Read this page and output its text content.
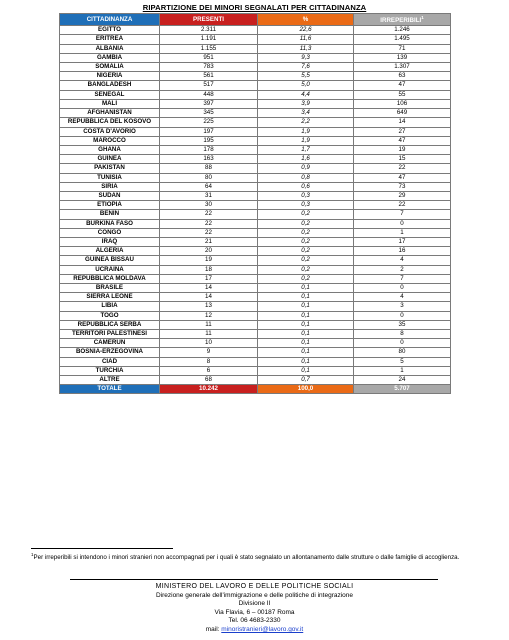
RIPARTIZIONE DEI MINORI SEGNALATI PER CITTADINANZA
CITTADINANZA	PRESENTI	%	IRREPERIBILI$^1$
EGITTO	2.311	22,6	1.246
ERITREA	1.191	11,6	1.495
ALBANIA	1.155	11,3	71
GAMBIA	951	9,3	139
SOMALIA	783	7,6	1.307
NIGERIA	561	5,5	63
BANGLADESH	517	5,0	47
SENEGAL	448	4,4	55
MALI	397	3,9	106
AFGHANISTAN	345	3,4	649
REPUBBLICA DEL KOSOVO	225	2,2	14
COSTA D'AVORIO	197	1,9	27
MAROCCO	195	1,9	47
GHANA	178	1,7	19
GUINEA	163	1,6	15
PAKISTAN	88	0,9	22
TUNISIA	80	0,8	47
SIRIA	64	0,6	73
SUDAN	31	0,3	29
ETIOPIA	30	0,3	22
BENIN	22	0,2	7
BURKINA FASO	22	0,2	0
CONGO	22	0,2	1
IRAQ	21	0,2	17
ALGERIA	20	0,2	16
GUINEA BISSAU	19	0,2	4
UCRAINA	18	0,2	2
REPUBBLICA MOLDAVA	17	0,2	7
BRASILE	14	0,1	0
SIERRA LEONE	14	0,1	4
LIBIA	13	0,1	3
TOGO	12	0,1	0
REPUBBLICA SERBA	11	0,1	35
TERRITORI PALESTINESI	11	0,1	8
CAMERUN	10	0,1	0
BOSNIA-ERZEGOVINA	9	0,1	80
CIAD	8	0,1	5
TURCHIA	6	0,1	1
ALTRE	68	0,7	24
TOTALE	10.242	100,0	5.707
$^1$Per irreperibili si intendono i minori stranieri non accompagnati per i quali è stato segnalato un allontanamento dalle strutture o dalle famiglie di accoglienza.
MINISTERO DEL LAVORO E DELLE POLITICHE SOCIALI
Direzione generale dell'immigrazione e delle politiche di integrazione
Divisione II
Via Flavia, 6 – 00187 Roma
Tel. 06 4683-2330
mail: minoristranieri@lavoro.gov.it
